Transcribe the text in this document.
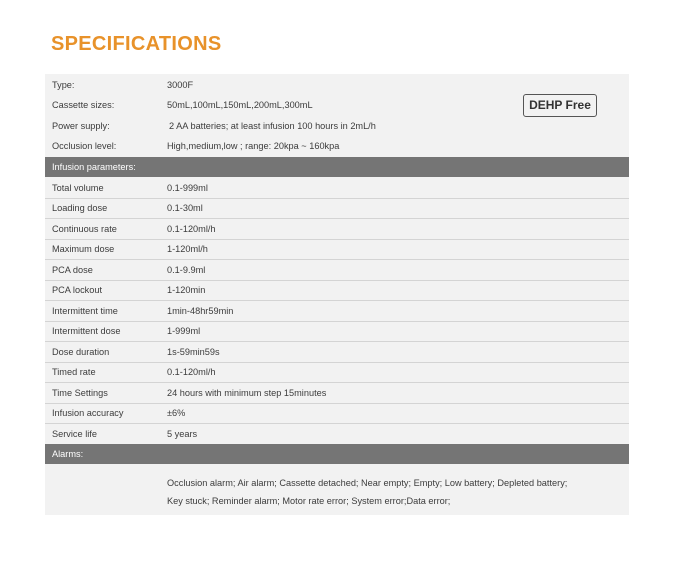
SPECIFICATIONS
DEHP Free
Type:	3000F
Cassette sizes:	50mL,100mL,150mL,200mL,300mL
Power supply:	2 AA batteries; at least infusion 100 hours in 2mL/h
Occlusion level:	High,medium,low ; range: 20kpa ~ 160kpa
Infusion parameters:
Total volume	0.1-999ml
Loading dose	0.1-30ml
Continuous rate	0.1-120ml/h
Maximum dose	1-120ml/h
PCA dose	0.1-9.9ml
PCA lockout	1-120min
Intermittent time	1min-48hr59min
Intermittent dose	1-999ml
Dose duration	1s-59min59s
Timed rate	0.1-120ml/h
Time Settings	24 hours with minimum step 15minutes
Infusion accuracy	±6%
Service life	5 years
Alarms:
Occlusion alarm; Air alarm; Cassette detached; Near empty; Empty; Low battery; Depleted battery;
Key stuck; Reminder alarm; Motor rate error; System error;Data error;
